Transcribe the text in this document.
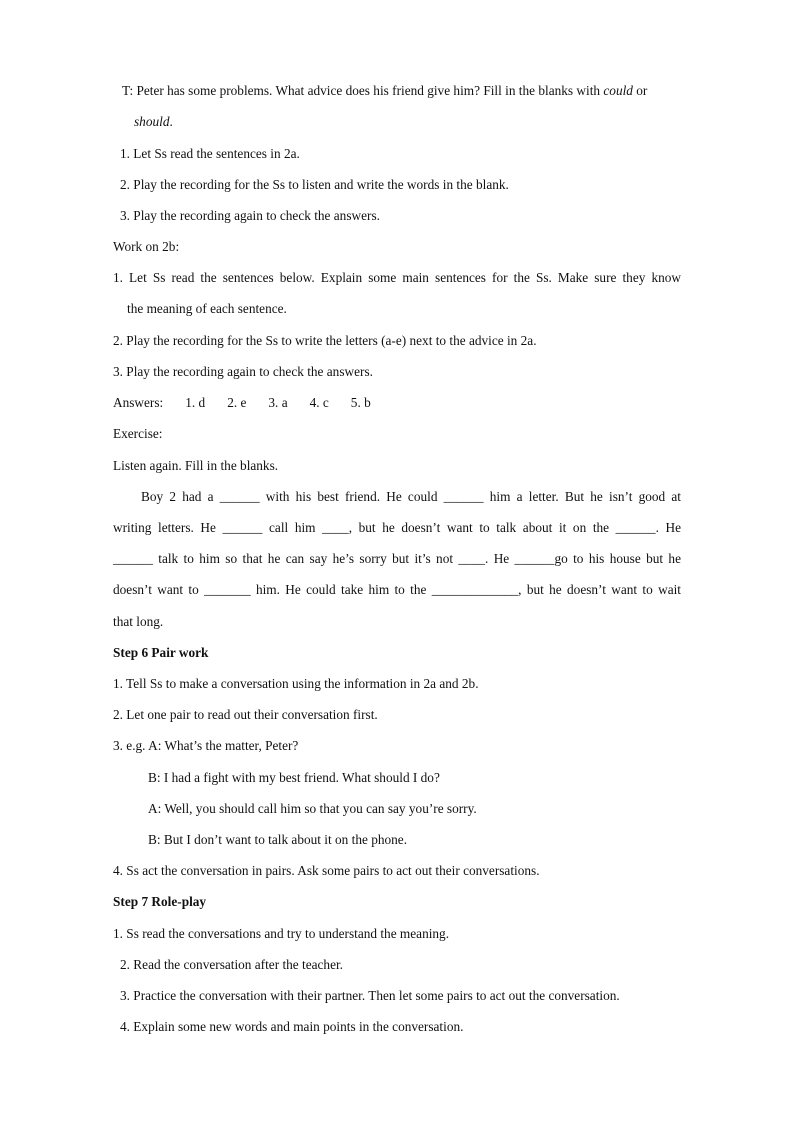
T: Peter has some problems. What advice does his friend give him? Fill in the blanks with could or
should.
1. Let Ss read the sentences in 2a.
2. Play the recording for the Ss to listen and write the words in the blank.
3. Play the recording again to check the answers.
Work on 2b:
1. Let Ss read the sentences below. Explain some main sentences for the Ss. Make sure they know
the meaning of each sentence.
2. Play the recording for the Ss to write the letters (a-e) next to the advice in 2a.
3. Play the recording again to check the answers.
Answers: 1. d 2. e 3. a 4. c 5. b
Exercise:
Listen again. Fill in the blanks.
Boy 2 had a ______ with his best friend. He could ______ him a letter. But he isn’t good at
writing letters. He ______ call him ____, but he doesn’t want to talk about it on the ______. He
______ talk to him so that he can say he’s sorry but it’s not ____. He ______go to his house but he
doesn’t want to _______ him. He could take him to the _____________, but he doesn’t want to wait
that long.
Step 6 Pair work
1. Tell Ss to make a conversation using the information in 2a and 2b.
2. Let one pair to read out their conversation first.
3. e.g. A: What’s the matter, Peter?
B: I had a fight with my best friend. What should I do?
A: Well, you should call him so that you can say you’re sorry.
B: But I don’t want to talk about it on the phone.
4. Ss act the conversation in pairs. Ask some pairs to act out their conversations.
Step 7 Role-play
1. Ss read the conversations and try to understand the meaning.
2. Read the conversation after the teacher.
3. Practice the conversation with their partner. Then let some pairs to act out the conversation.
4. Explain some new words and main points in the conversation.
